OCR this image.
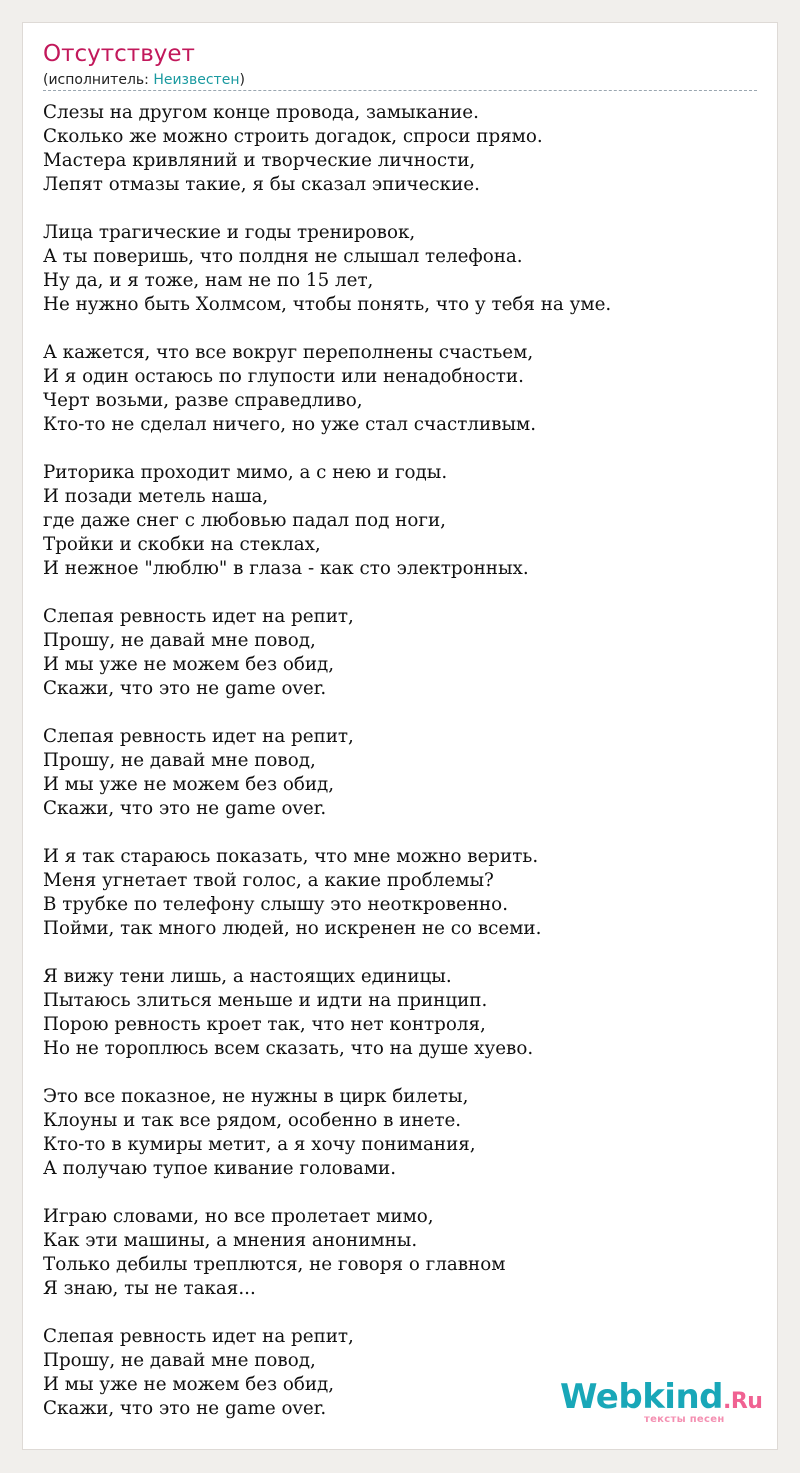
Отсутствует
(исполнитель: Неизвестен)
Слезы на другом конце провода, замыкание.
Сколько же можно строить догадок, спроси прямо.
Мастера кривляний и творческие личности,
Лепят отмазы такие, я бы сказал эпические.
Лица трагические и годы тренировок,
А ты поверишь, что полдня не слышал телефона.
Ну да, и я тоже, нам не по 15 лет,
Не нужно быть Холмсом, чтобы понять, что у тебя на уме.
А кажется, что все вокруг переполнены счастьем,
И я один остаюсь по глупости или ненадобности.
Черт возьми, разве справедливо,
Кто-то не сделал ничего, но уже стал счастливым.
Риторика проходит мимо, а с нею и годы.
И позади метель наша,
где даже снег с любовью падал под ноги,
Тройки и скобки на стеклах,
И нежное "люблю" в глаза - как сто электронных.
Слепая ревность идет на репит,
Прошу, не давай мне повод,
И мы уже не можем без обид,
Скажи, что это не game over.
Слепая ревность идет на репит,
Прошу, не давай мне повод,
И мы уже не можем без обид,
Скажи, что это не game over.
И я так стараюсь показать, что мне можно верить.
Меня угнетает твой голос, а какие проблемы?
В трубке по телефону слышу это неоткровенно.
Пойми, так много людей, но искренен не со всеми.
Я вижу тени лишь, а настоящих единицы.
Пытаюсь злиться меньше и идти на принцип.
Порою ревность кроет так, что нет контроля,
Но не тороплюсь всем сказать, что на душе хуево.
Это все показное, не нужны в цирк билеты,
Клоуны и так все рядом, особенно в инете.
Кто-то в кумиры метит, а я хочу понимания,
А получаю тупое кивание головами.
Играю словами, но все пролетает мимо,
Как эти машины, а мнения анонимны.
Только дебилы треплются, не говоря о главном
Я знаю, ты не такая...
Слепая ревность идет на репит,
Прошу, не давай мне повод,
И мы уже не можем без обид,
Скажи, что это не game over.	Webkind.Ru
тексты песен
